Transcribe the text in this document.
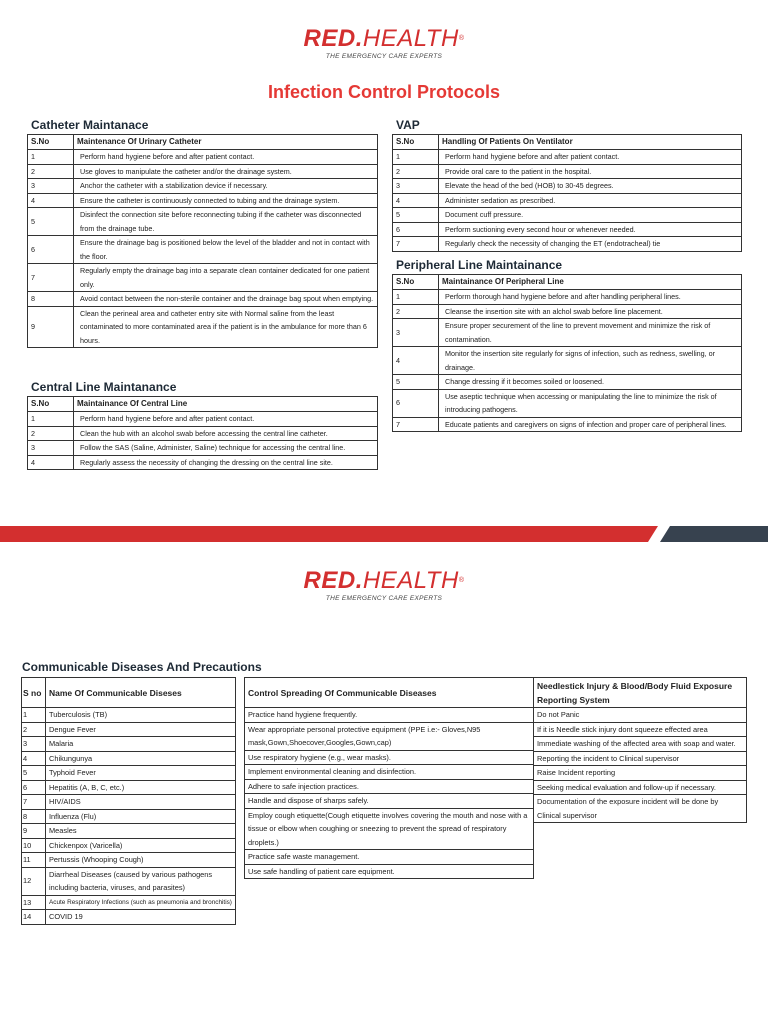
RED.HEALTH®
THE EMERGENCY CARE EXPERTS
Infection Control Protocols
Catheter Maintanace
S.No	Maintenance Of Urinary Catheter
1	Perform hand hygiene before and after patient contact.
2	Use gloves to manipulate the catheter and/or the drainage system.
3	Anchor the catheter with a stabilization device if necessary.
4	Ensure the catheter is continuously connected to tubing and the drainage system.
5	Disinfect the connection site before reconnecting tubing if the catheter was disconnected from the drainage tube.
6	Ensure the drainage bag is positioned below the level of the bladder and not in contact with the floor.
7	Regularly empty the drainage bag into a separate clean container dedicated for one patient only.
8	Avoid contact between the non-sterile container and the drainage bag spout when emptying.
9	Clean the perineal area and catheter entry site with Normal saline from the least contaminated to more contaminated area if the patient is in the ambulance for more than 6 hours.
Central Line Maintanance
S.No	Maintainance Of Central Line
1	Perform hand hygiene before and after patient contact.
2	Clean the hub with an alcohol swab before accessing the central line catheter.
3	Follow the SAS (Saline, Administer, Saline) technique for accessing the central line.
4	Regularly assess the necessity of changing the dressing on the central line site.
VAP
S.No	Handling Of Patients On Ventilator
1	Perform hand hygiene before and after patient contact.
2	Provide oral care to the patient in the hospital.
3	Elevate the head of the bed (HOB) to 30-45 degrees.
4	Administer sedation as prescribed.
5	Document cuff pressure.
6	Perform suctioning every second hour or whenever needed.
7	Regularly check the necessity of changing the ET (endotracheal) tie
Peripheral Line Maintainance
S.No	Maintainance Of Peripheral Line
1	Perform thorough hand hygiene before and after handling peripheral lines.
2	Cleanse the insertion site with an alchol swab before line placement.
3	Ensure proper securement of the line to prevent movement and minimize the risk of contamination.
4	Monitor the insertion site regularly for signs of infection, such as redness, swelling, or drainage.
5	Change dressing if it becomes soiled or loosened.
6	Use aseptic technique when accessing or manipulating the line to minimize the risk of introducing pathogens.
7	Educate patients and caregivers on signs of infection and proper care of peripheral lines.
RED.HEALTH®
THE EMERGENCY CARE EXPERTS
Communicable Diseases And Precautions
S no	Name Of Communicable Diseses
1	Tuberculosis (TB)
2	Dengue Fever
3	Malaria
4	Chikungunya
5	Typhoid Fever
6	Hepatitis (A, B, C, etc.)
7	HIV/AIDS
8	Influenza (Flu)
9	Measles
10	Chickenpox (Varicella)
11	Pertussis (Whooping Cough)
12	Diarrheal Diseases (caused by various pathogens including bacteria, viruses, and parasites)
13	Acute Respiratory Infections (such as pneumonia and bronchitis)
14	COVID 19
Control Spreading Of Communicable Diseases
Practice hand hygiene frequently.
Wear appropriate personal protective equipment (PPE i.e:- Gloves,N95 mask,Gown,Shoecover,Googles,Gown,cap)
Use respiratory hygiene (e.g., wear masks).
Implement environmental cleaning and disinfection.
Adhere to safe injection practices.
Handle and dispose of sharps safely.
Employ cough etiquette(Cough etiquette involves covering the mouth and nose with a tissue or elbow when coughing or sneezing to prevent the spread of respiratory droplets.)
Practice safe waste management.
Use safe handling of patient care equipment.
Needlestick Injury & Blood/Body Fluid Exposure Reporting System
Do not Panic
If it is Needle stick injury dont squeeze effected area
Immediate washing of the affected area with soap and water.
Reporting the incident to Clinical supervisor
Raise Incident reporting
Seeking medical evaluation and follow-up if necessary.
Documentation of the exposure incident will be done by Clinical supervisor
